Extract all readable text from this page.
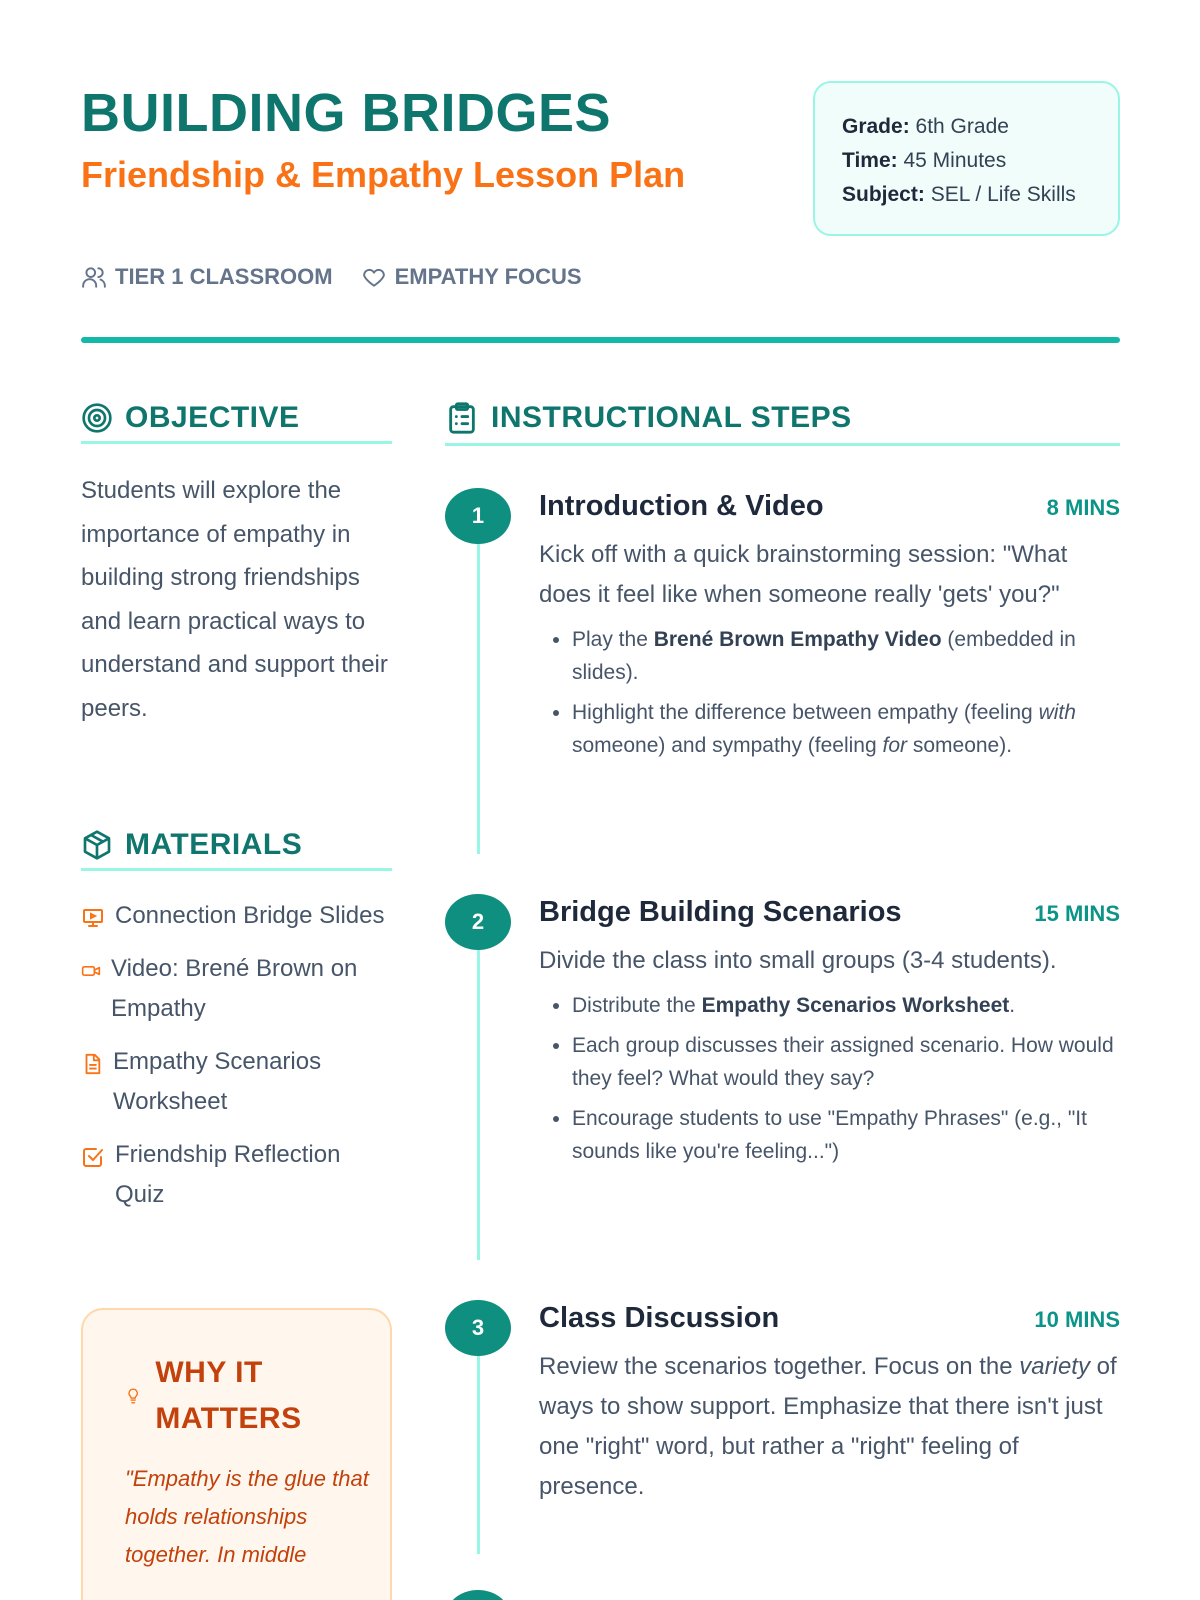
BUILDING BRIDGES
Friendship & Empathy Lesson Plan
Grade: 6th Grade
Time: 45 Minutes
Subject: SEL / Life Skills
TIER 1 CLASSROOM	EMPATHY FOCUS
OBJECTIVE

Students will explore the importance of empathy in building strong friendships and learn practical ways to understand and support their peers.

MATERIALS
Connection Bridge Slides
Video: Brené Brown on Empathy
Empathy Scenarios Worksheet
Friendship Reflection Quiz
WHY IT MATTERS
"Empathy is the glue that holds relationships together. In middle
INSTRUCTIONAL STEPS
1	Introduction & Video	8 MINS

Kick off with a quick brainstorming session: "What does it feel like when someone really 'gets' you?"

• Play the Brené Brown Empathy Video (embedded in slides).
• Highlight the difference between empathy (feeling with someone) and sympathy (feeling for someone).
2	Bridge Building Scenarios	15 MINS

Divide the class into small groups (3-4 students).

• Distribute the Empathy Scenarios Worksheet.
• Each group discusses their assigned scenario. How would they feel? What would they say?
• Encourage students to use "Empathy Phrases" (e.g., "It sounds like you're feeling...")
3	Class Discussion	10 MINS

Review the scenarios together. Focus on the variety of ways to show support. Emphasize that there isn't just one "right" word, but rather a "right" feeling of presence.
